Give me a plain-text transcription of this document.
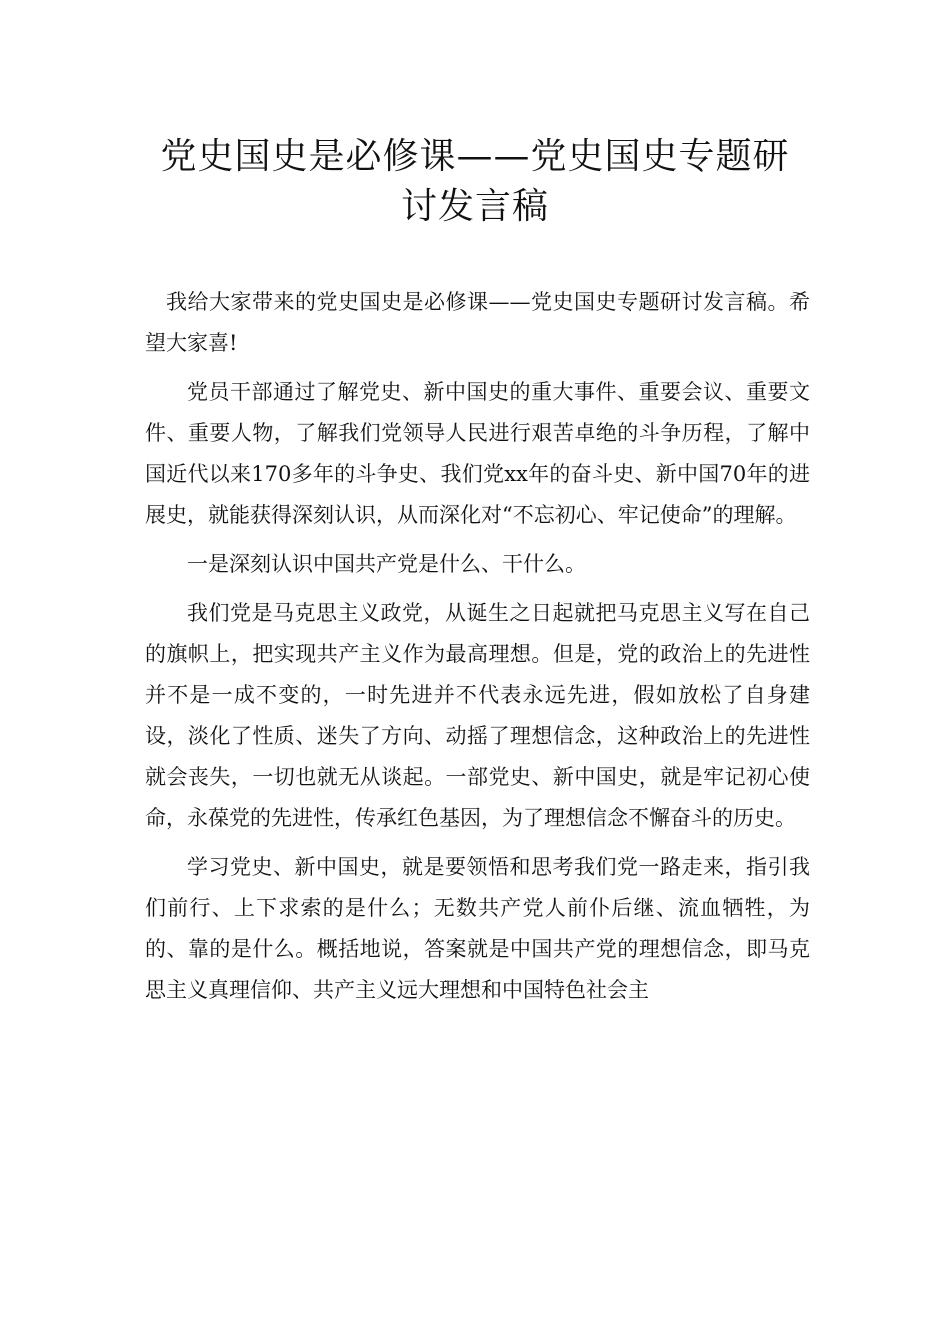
党史国史是必修课——党史国史专题研
讨发言稿

我给大家带来的党史国史是必修课——党史国史专题研讨发言稿。希望大家喜!

党员干部通过了解党史、新中国史的重大事件、重要会议、重要文件、重要人物，了解我们党领导人民进行艰苦卓绝的斗争历程，了解中国近代以来170多年的斗争史、我们党xx年的奋斗史、新中国70年的进展史，就能获得深刻认识，从而深化对“不忘初心、牢记使命”的理解。

一是深刻认识中国共产党是什么、干什么。

我们党是马克思主义政党，从诞生之日起就把马克思主义写在自己的旗帜上，把实现共产主义作为最高理想。但是，党的政治上的先进性并不是一成不变的，一时先进并不代表永远先进，假如放松了自身建设，淡化了性质、迷失了方向、动摇了理想信念，这种政治上的先进性就会丧失，一切也就无从谈起。一部党史、新中国史，就是牢记初心使命，永葆党的先进性，传承红色基因，为了理想信念不懈奋斗的历史。

学习党史、新中国史，就是要领悟和思考我们党一路走来，指引我们前行、上下求索的是什么；无数共产党人前仆后继、流血牺牲，为的、靠的是什么。概括地说，答案就是中国共产党的理想信念，即马克思主义真理信仰、共产主义远大理想和中国特色社会主
